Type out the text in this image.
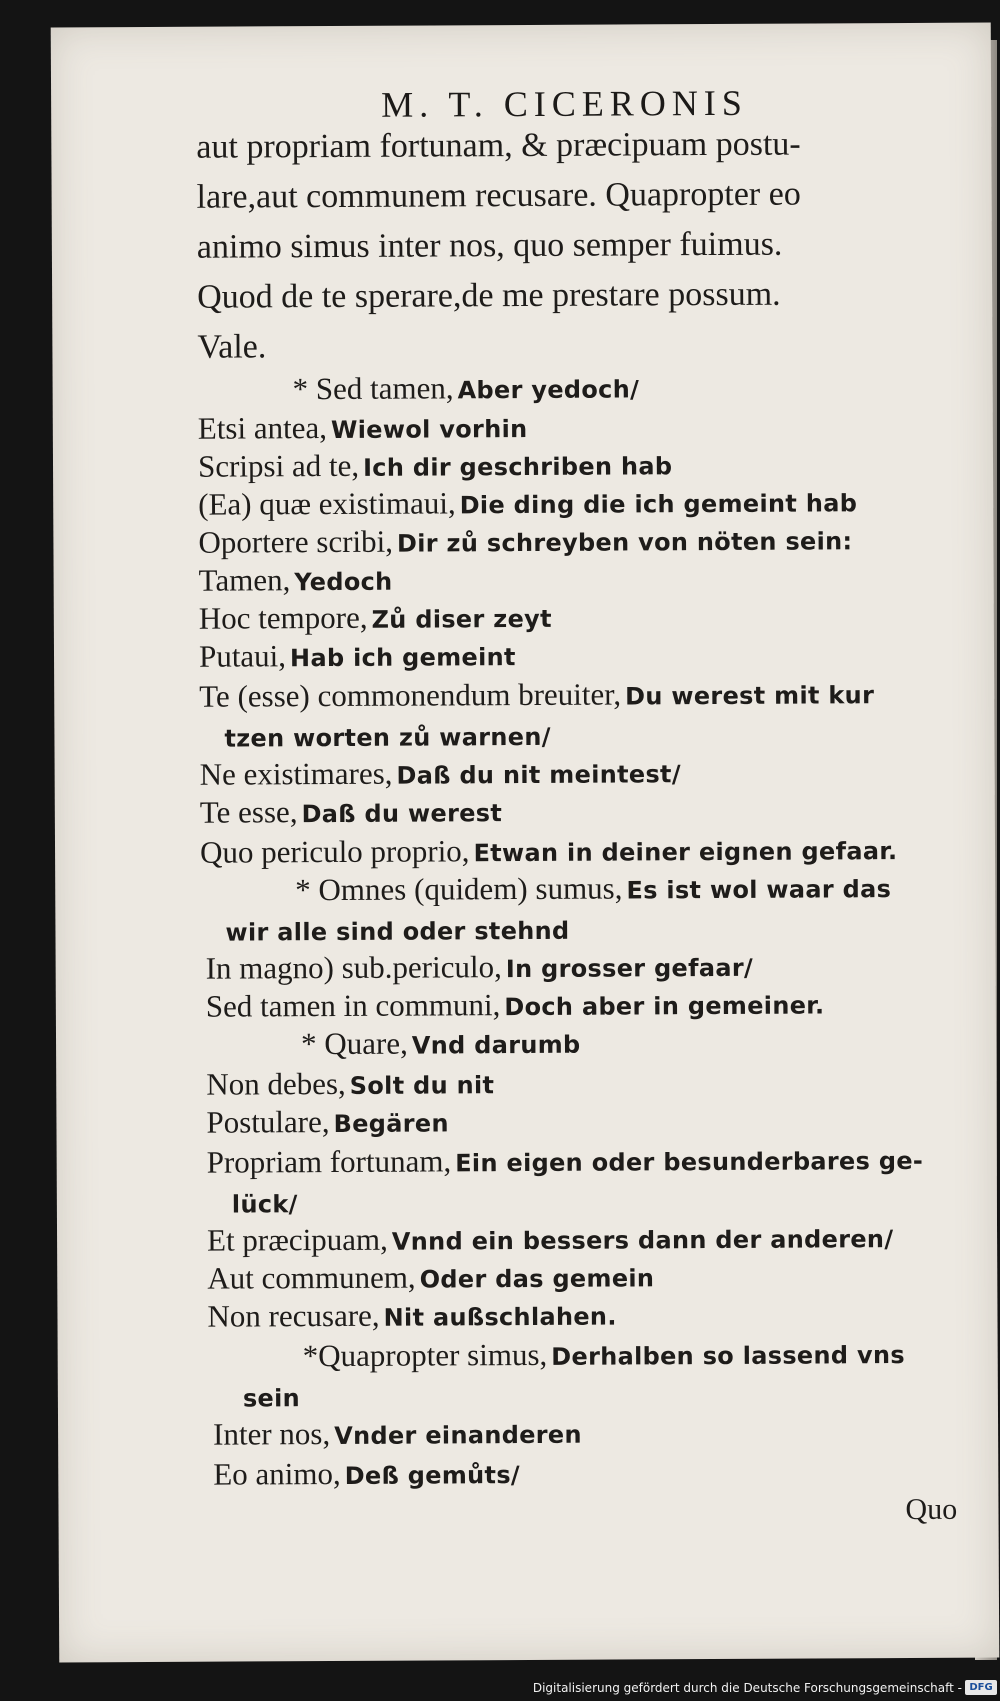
M. T. CICERONIS
aut propriam fortunam, & præcipuam postu-
lare,aut communem recusare. Quapropter eo
animo simus inter nos, quo semper fuimus.
Quod de te sperare,de me prestare possum.
Vale.
* Sed tamen, Aber yedoch/
Etsi antea, Wiewol vorhin
Scripsi ad te, Ich dir geschriben hab
(Ea) quæ existimaui, Die ding die ich gemeint hab
Oportere scribi, Dir zů schreyben von nöten sein:
Tamen, Yedoch
Hoc tempore, Zů diser zeyt
Putaui, Hab ich gemeint
Te (esse) commonendum breuiter, Du werest mit kur
tzen worten zů warnen/
Ne existimares, Daß du nit meintest/
Te esse, Daß du werest
Quo periculo proprio, Etwan in deiner eignen gefaar.
* Omnes (quidem) sumus, Es ist wol waar das
wir alle sind oder stehnd
In magno) sub.periculo, In grosser gefaar/
Sed tamen in communi, Doch aber in gemeiner.
* Quare, Vnd darumb
Non debes, Solt du nit
Postulare, Begären
Propriam fortunam, Ein eigen oder besunderbares ge-
lück/
Et præcipuam, Vnnd ein bessers dann der anderen/
Aut communem, Oder das gemein
Non recusare, Nit außschlahen.
*Quapropter simus, Derhalben so lassend vns
sein
Inter nos, Vnder einanderen
Eo animo, Deß gemůts/
Quo
Digitalisierung gefördert durch die Deutsche Forschungsgemeinschaft - DFG
